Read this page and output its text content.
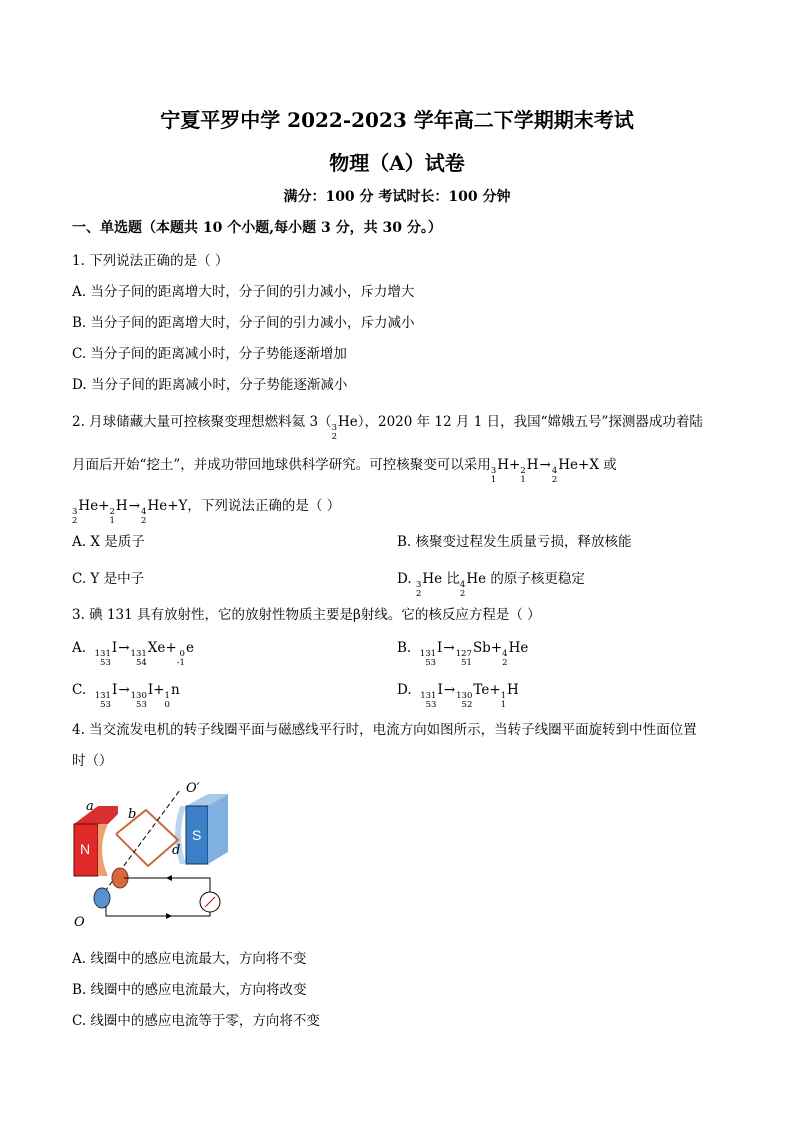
宁夏平罗中学 2022-2023 学年高二下学期期末考试
物理（A）试卷
满分：100 分 考试时长：100 分钟
一、单选题（本题共 10 个小题,每小题 3 分，共 30 分。）
1. 下列说法正确的是（ ）
A. 当分子间的距离增大时，分子间的引力减小，斥力增大
B. 当分子间的距离增大时，分子间的引力减小，斥力减小
C. 当分子间的距离减小时，分子势能逐渐增加
D. 当分子间的距离减小时，分子势能逐渐减小
2. 月球储藏大量可控核聚变理想燃料氦 3（ 3
2
He），2020 年 12 月 1 日，我国“嫦娥五号”探测器成功着陆
月面后开始“挖土”，并成功带回地球供科学研究。可控核聚变可以采用 3
1
H+ 2
1
H→ 4
2
He+X 或
3
2
He+ 2
1
H→ 4
2
He+Y，下列说法正确的是（ ）
A. X 是质子	B. 核聚变过程发生质量亏损，释放核能
C. Y 是中子	D. 3
2
He 比 4
2
He 的原子核更稳定
3. 碘 131 具有放射性，它的放射性物质主要是β射线。它的核反应方程是（ ）
A. 131
53
I→ 131
54
Xe+ 0
-1
e	B. 131
53
I→ 127
51
Sb+ 4
2
He
C. 131
53
I→ 130
53
I+ 1
0
n	D. 131
53
I→ 130
52
Te+ 1
1
H
4. 当交流发电机的转子线圈平面与磁感线平行时，电流方向如图所示，当转子线圈平面旋转到中性面位置
时（）
N
S
a
b
d
O′
O
A. 线圈中的感应电流最大，方向将不变
B. 线圈中的感应电流最大，方向将改变
C. 线圈中的感应电流等于零，方向将不变
